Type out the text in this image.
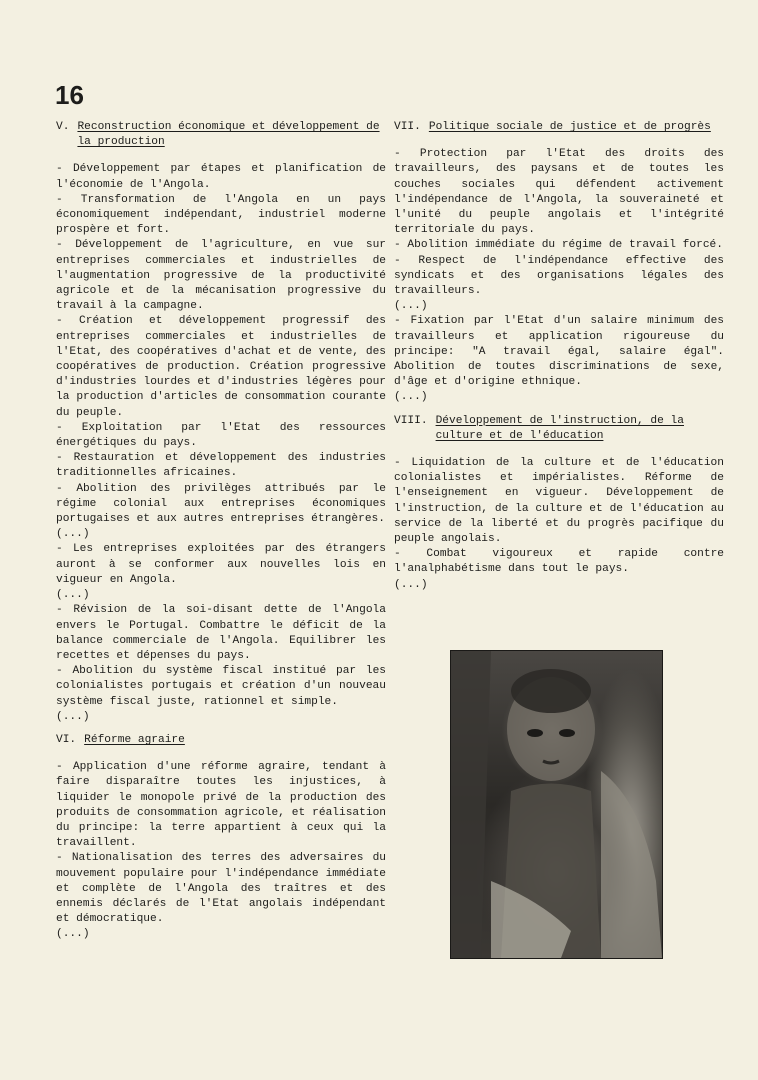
16
V. Reconstruction économique et développement de la production

- Développement par étapes et planification de l'économie de l'Angola.

- Transformation de l'Angola en un pays économiquement indépendant, industriel moderne prospère et fort.

- Développement de l'agriculture, en vue sur entreprises commerciales et industrielles de l'augmentation progressive de la productivité agricole et de la mécanisation progressive du travail à la campagne.

- Création et développement progressif des entreprises commerciales et industrielles de l'Etat, des coopératives d'achat et de vente, des coopératives de production. Création progressive d'industries lourdes et d'industries légères pour la production d'articles de consommation courante du peuple.

- Exploitation par l'Etat des ressources énergétiques du pays.

- Restauration et développement des industries traditionnelles africaines.

- Abolition des privilèges attribués par le régime colonial aux entreprises économiques portugaises et aux autres entreprises étrangères.

(...)

- Les entreprises exploitées par des étrangers auront à se conformer aux nouvelles lois en vigueur en Angola.

(...)

- Révision de la soi-disant dette de l'Angola envers le Portugal. Combattre le déficit de la balance commerciale de l'Angola. Equilibrer les recettes et dépenses du pays.

- Abolition du système fiscal institué par les colonialistes portugais et création d'un nouveau système fiscal juste, rationnel et simple.

(...)

VI. Réforme agraire

- Application d'une réforme agraire, tendant à faire disparaître toutes les injustices, à liquider le monopole privé de la production des produits de consommation agricole, et réalisation du principe: la terre appartient à ceux qui la travaillent.

- Nationalisation des terres des adversaires du mouvement populaire pour l'indépendance immédiate et complète de l'Angola des traîtres et des ennemis déclarés de l'Etat angolais indépendant et démocratique.

(...)

VII. Politique sociale de justice et de progrès

- Protection par l'Etat des droits des travailleurs, des paysans et de toutes les couches sociales qui défendent activement l'indépendance de l'Angola, la souveraineté et l'unité du peuple angolais et l'intégrité territoriale du pays.

- Abolition immédiate du régime de travail forcé.

- Respect de l'indépendance effective des syndicats et des organisations légales des travailleurs.

(...)

- Fixation par l'Etat d'un salaire minimum des travailleurs et application rigoureuse du principe: "A travail égal, salaire égal". Abolition de toutes discriminations de sexe, d'âge et d'origine ethnique.

(...)

VIII. Développement de l'instruction, de la culture et de l'éducation

- Liquidation de la culture et de l'éducation colonialistes et impérialistes. Réforme de l'enseignement en vigueur. Développement de l'instruction, de la culture et de l'éducation au service de la liberté et du progrès pacifique du peuple angolais.

- Combat vigoureux et rapide contre l'analphabétisme dans tout le pays.

(...)
